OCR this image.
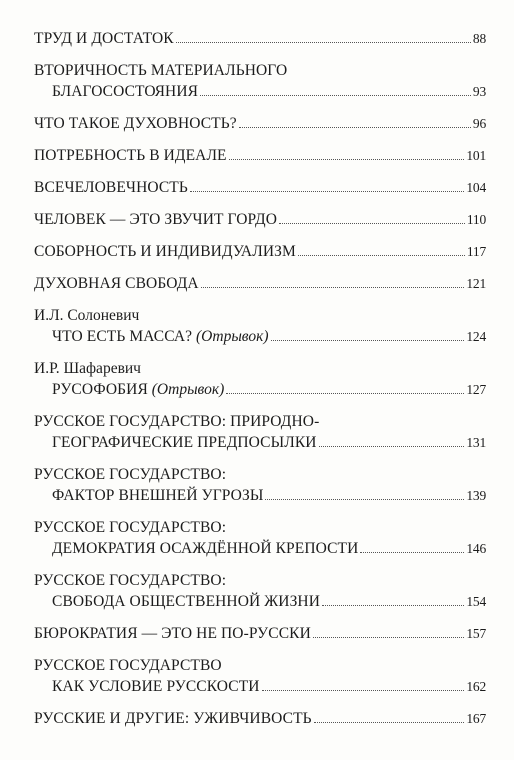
ТРУД И ДОСТАТОК	88
ВТОРИЧНОСТЬ МАТЕРИАЛЬНОГО
БЛАГОСОСТОЯНИЯ	93
ЧТО ТАКОЕ ДУХОВНОСТЬ?	96
ПОТРЕБНОСТЬ В ИДЕАЛЕ	101
ВСЕЧЕЛОВЕЧНОСТЬ	104
ЧЕЛОВЕК — ЭТО ЗВУЧИТ ГОРДО	110
СОБОРНОСТЬ И ИНДИВИДУАЛИЗМ	117
ДУХОВНАЯ СВОБОДА	121
И.Л. Солоневич
ЧТО ЕСТЬ МАССА?
(Отрывок)	124
И.Р. Шафаревич
РУСОФОБИЯ
(Отрывок)	127
РУССКОЕ ГОСУДАРСТВО: ПРИРОДНО-
ГЕОГРАФИЧЕСКИЕ ПРЕДПОСЫЛКИ	131
РУССКОЕ ГОСУДАРСТВО:
ФАКТОР ВНЕШНЕЙ УГРОЗЫ	139
РУССКОЕ ГОСУДАРСТВО:
ДЕМОКРАТИЯ ОСАЖДЁННОЙ КРЕПОСТИ	146
РУССКОЕ ГОСУДАРСТВО:
СВОБОДА ОБЩЕСТВЕННОЙ ЖИЗНИ	154
БЮРОКРАТИЯ — ЭТО НЕ ПО-РУССКИ	157
РУССКОЕ ГОСУДАРСТВО
КАК УСЛОВИЕ РУССКОСТИ	162
РУССКИЕ И ДРУГИЕ: УЖИВЧИВОСТЬ	167
